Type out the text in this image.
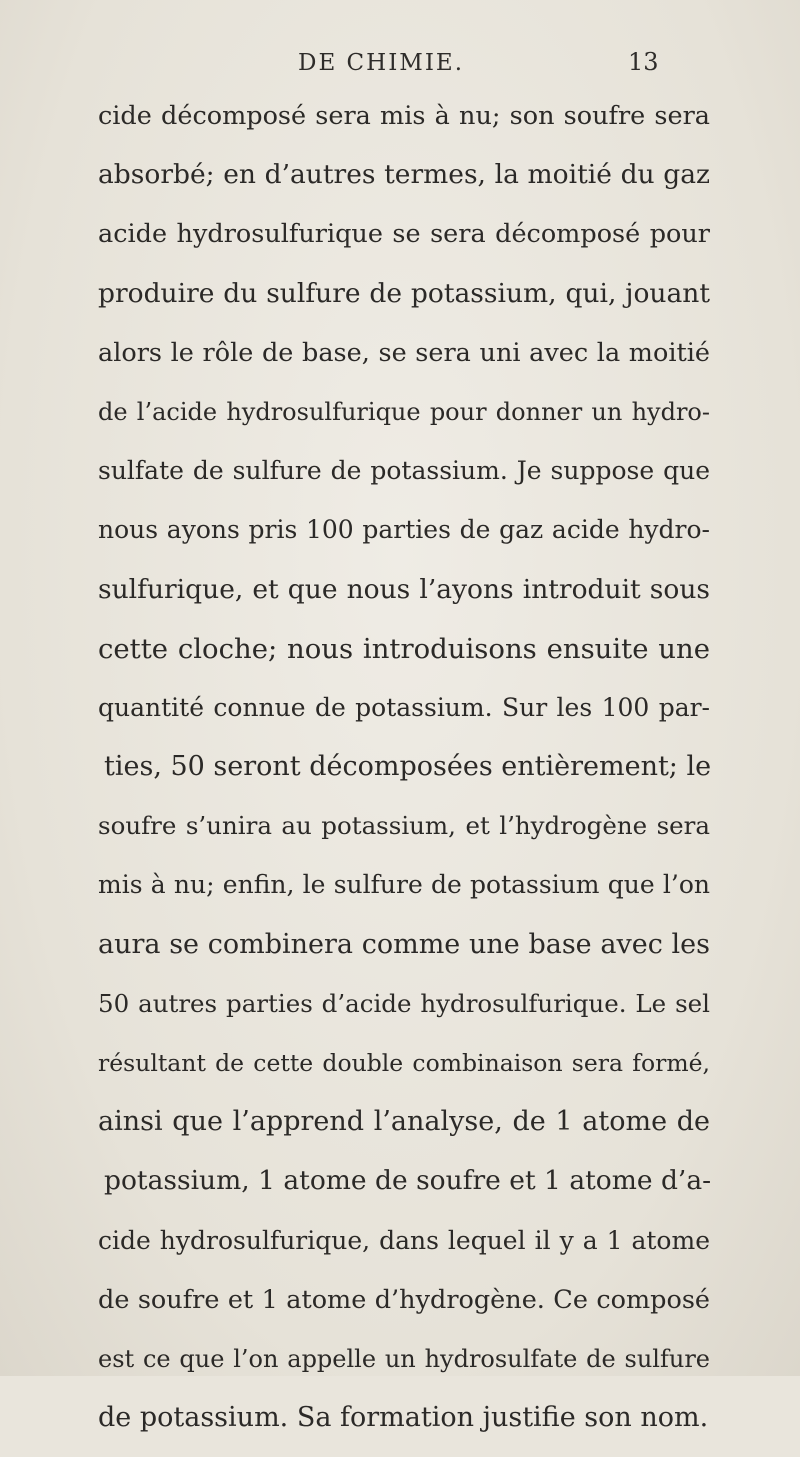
DE CHIMIE.	13
cide décomposé sera mis à nu; son soufre sera
absorbé; en d’autres termes, la moitié du gaz
acide hydrosulfurique se sera décomposé pour
produire du sulfure de potassium, qui, jouant
alors le rôle de base, se sera uni avec la moitié
de l’acide hydrosulfurique pour donner un hydro-
sulfate de sulfure de potassium. Je suppose que
nous ayons pris 100 parties de gaz acide hydro-
sulfurique, et que nous l’ayons introduit sous
cette cloche; nous introduisons ensuite une
quantité connue de potassium. Sur les 100 par-
ties, 50 seront décomposées entièrement; le
soufre s’unira au potassium, et l’hydrogène sera
mis à nu; enfin, le sulfure de potassium que l’on
aura se combinera comme une base avec les
50 autres parties d’acide hydrosulfurique. Le sel
résultant de cette double combinaison sera formé,
ainsi que l’apprend l’analyse, de 1 atome de
potassium, 1 atome de soufre et 1 atome d’a-
cide hydrosulfurique, dans lequel il y a 1 atome
de soufre et 1 atome d’hydrogène. Ce composé
est ce que l’on appelle un hydrosulfate de sulfure
de potassium. Sa formation justifie son nom.
